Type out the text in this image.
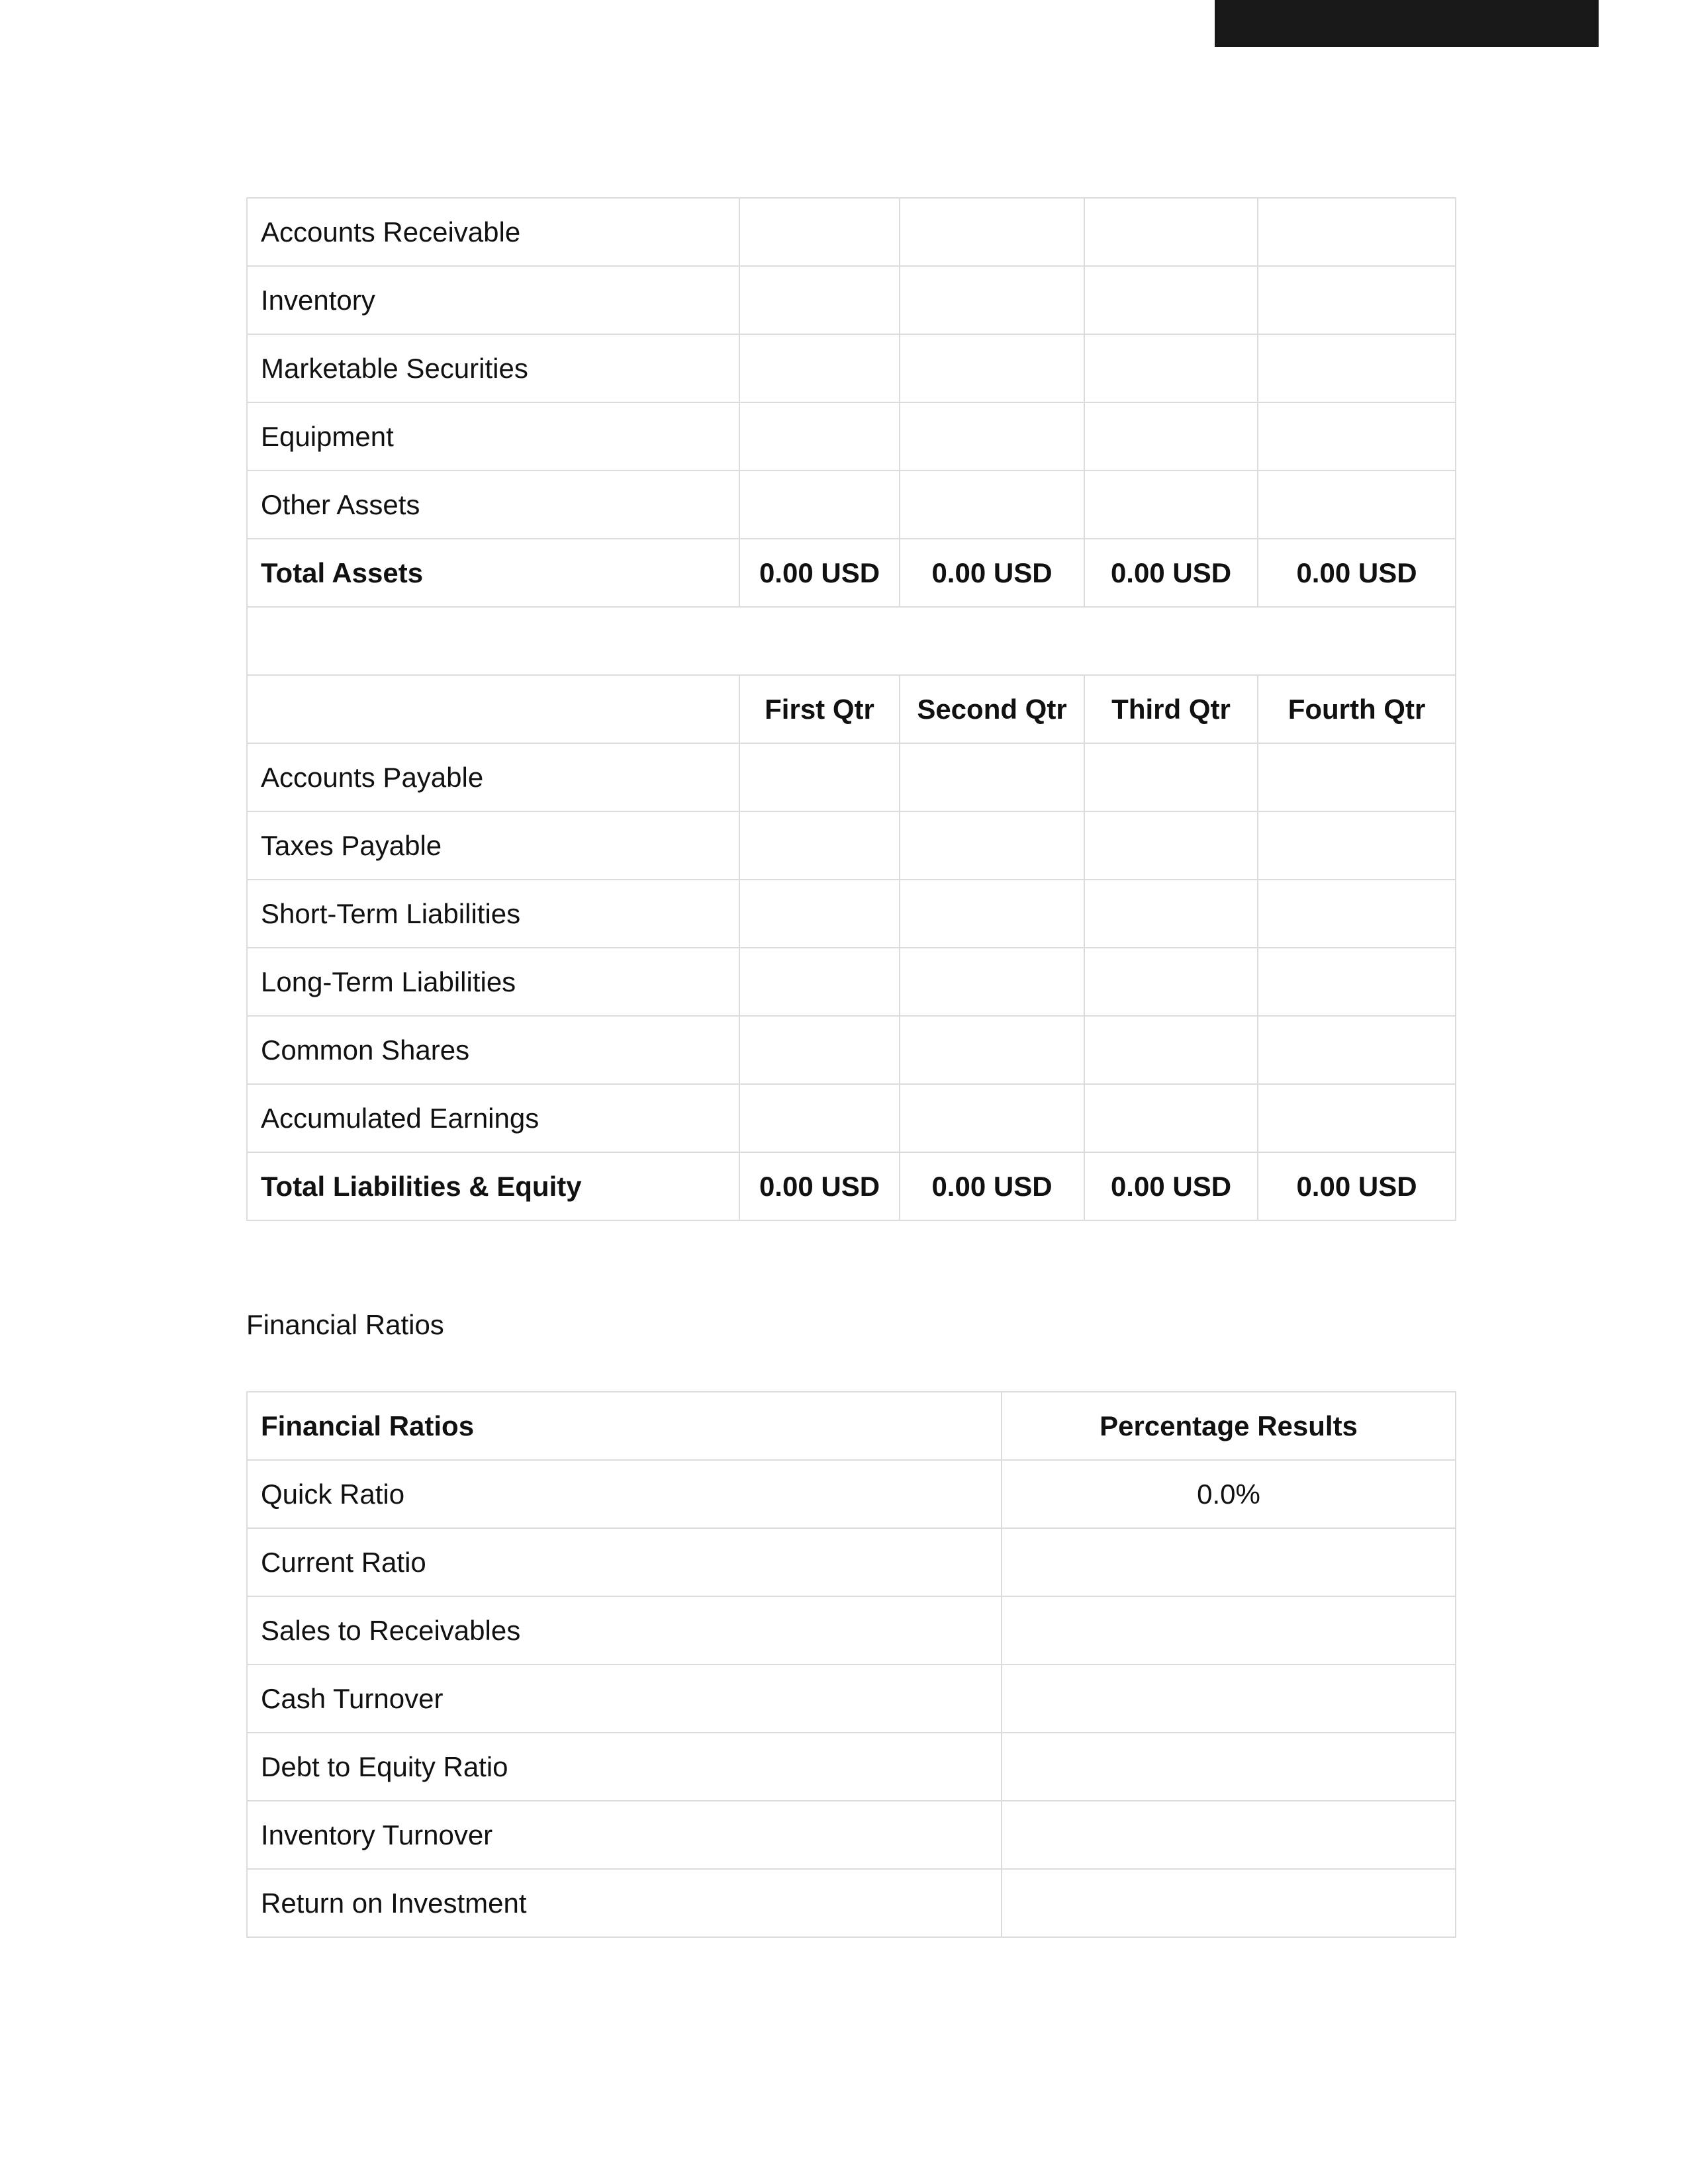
Accounts Receivable				
Inventory				
Marketable Securities				
Equipment				
Other Assets				
Total Assets	0.00 USD	0.00 USD	0.00 USD	0.00 USD

	First Qtr	Second Qtr	Third Qtr	Fourth Qtr
Accounts Payable				
Taxes Payable				
Short-Term Liabilities				
Long-Term Liabilities				
Common Shares				
Accumulated Earnings				
Total Liabilities & Equity	0.00 USD	0.00 USD	0.00 USD	0.00 USD
Financial Ratios
Financial Ratios	Percentage Results
Quick Ratio	0.0%
Current Ratio	
Sales to Receivables	
Cash Turnover	
Debt to Equity Ratio	
Inventory Turnover	
Return on Investment	
